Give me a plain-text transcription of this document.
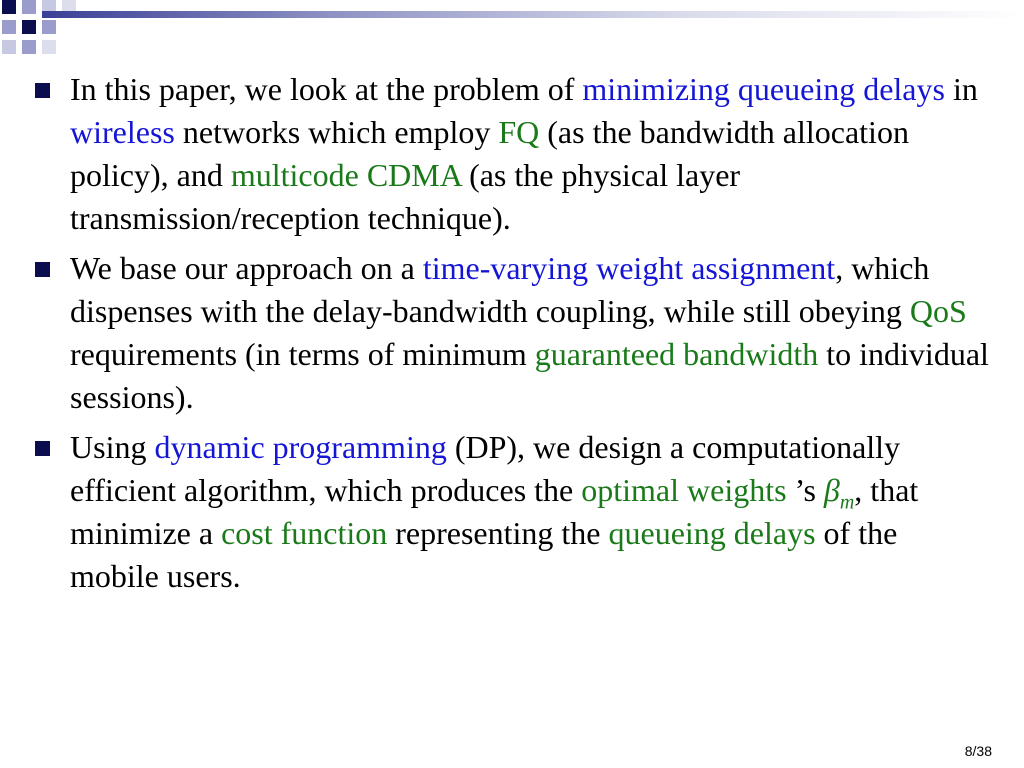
In this paper, we look at the problem of minimizing queueing delays in wireless networks which employ FQ (as the bandwidth allocation policy), and multicode CDMA (as the physical layer transmission/reception technique).
We base our approach on a time-varying weight assignment, which dispenses with the delay-bandwidth coupling, while still obeying QoS requirements (in terms of minimum guaranteed bandwidth to individual sessions).
Using dynamic programming (DP), we design a computationally efficient algorithm, which produces the optimal weights ’s $\beta_m$, that minimize a cost function representing the queueing delays of the mobile users.
8/38
